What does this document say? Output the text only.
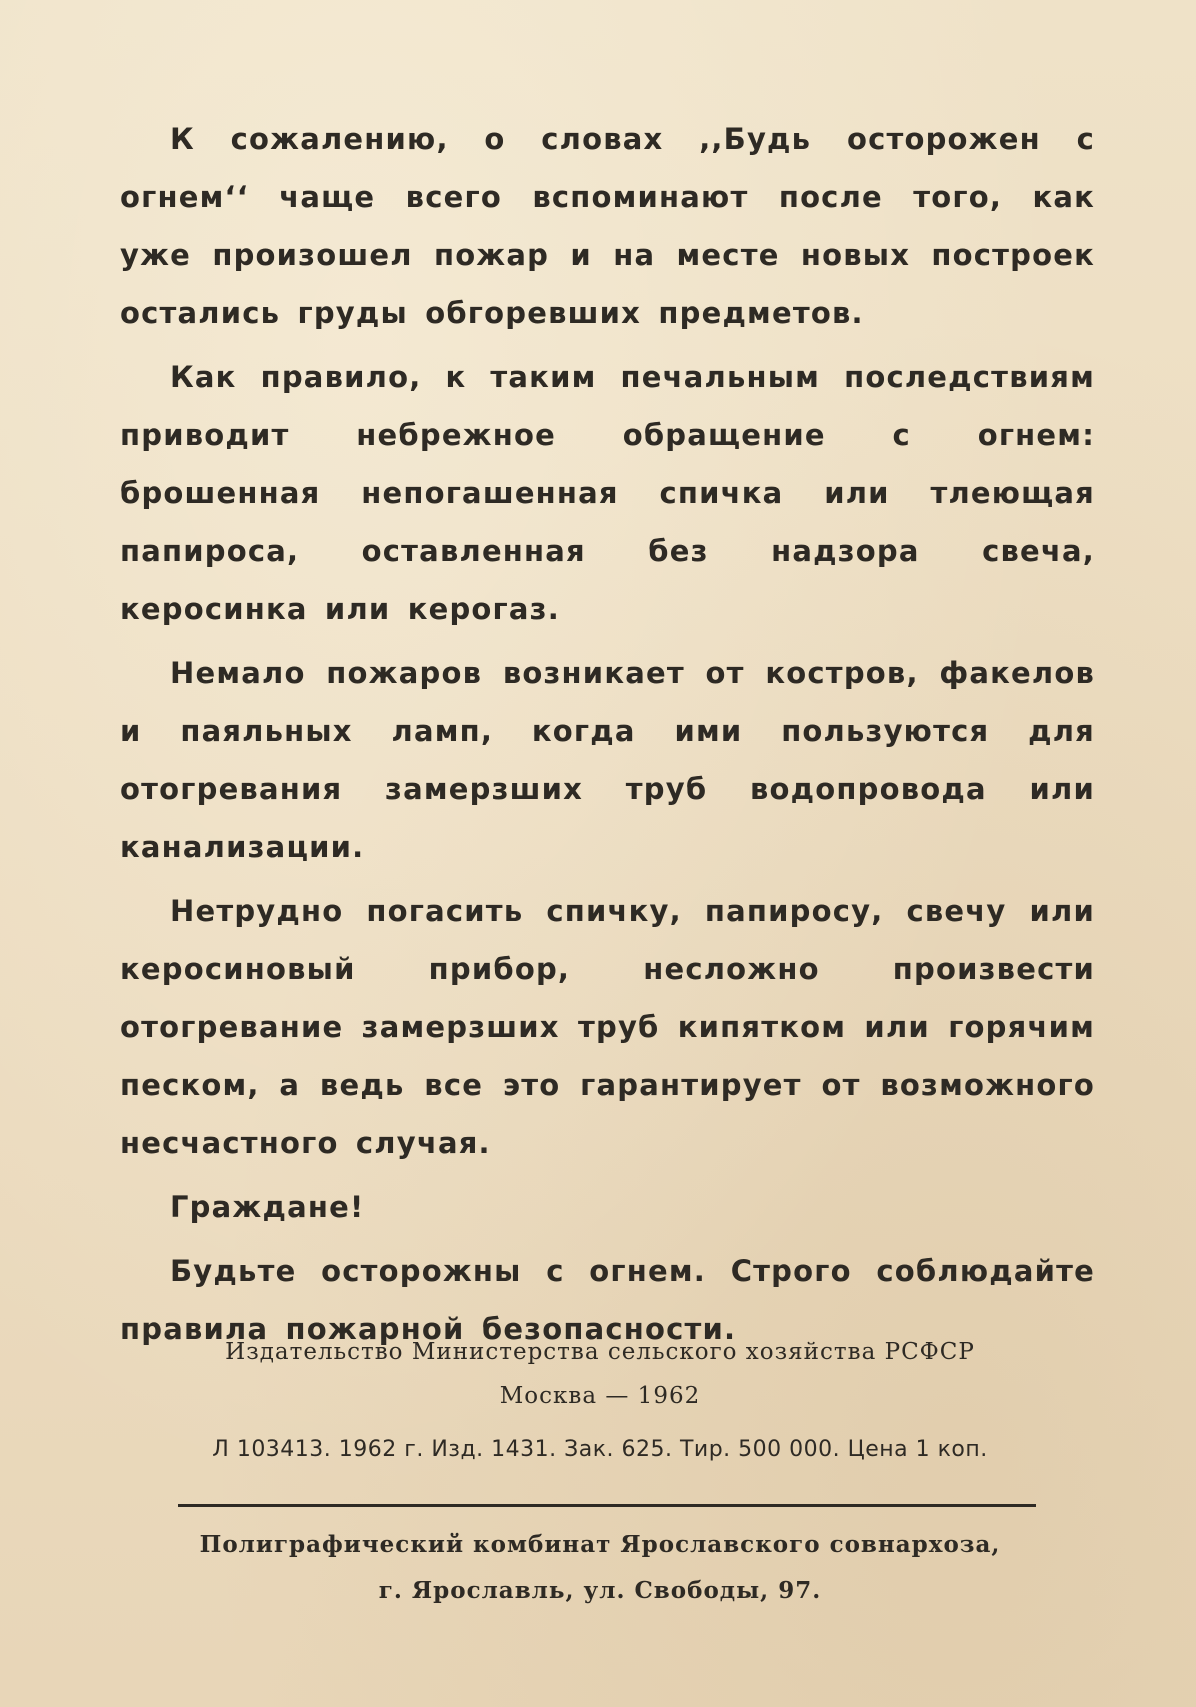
К сожалению, о словах ,,Будь осторожен с огнем‘‘ чаще всего вспоминают после того, как уже произошел пожар и на месте новых построек остались груды обгоревших предметов.

Как правило, к таким печальным последствиям приводит небрежное обращение с огнем: брошенная непогашенная спичка или тлеющая папироса, оставленная без надзора свеча, керосинка или керогаз.

Немало пожаров возникает от костров, факелов и паяльных ламп, когда ими пользуются для отогревания замерзших труб водопровода или канализации.

Нетрудно погасить спичку, папиросу, свечу или керосиновый прибор, несложно произвести отогревание замерзших труб кипятком или горячим песком, а ведь все это гарантирует от возможного несчастного случая.

Граждане!

Будьте осторожны с огнем. Строго соблюдайте правила пожарной безопасности.

Издательство Министерства сельского хозяйства РСФСР
Москва — 1962
Л 103413. 1962 г. Изд. 1431. Зак. 625. Тир. 500 000. Цена 1 коп.
Полиграфический комбинат Ярославского совнархоза,
г. Ярославль, ул. Свободы, 97.
